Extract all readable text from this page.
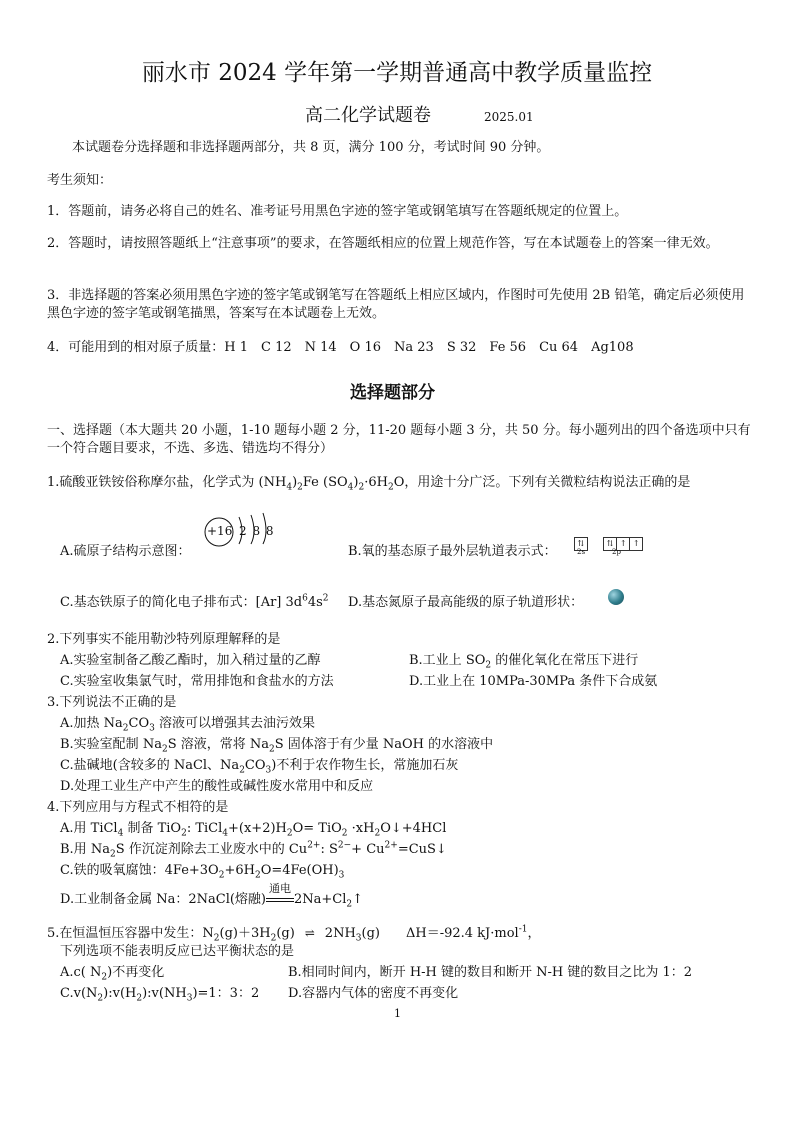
丽水市 2024 学年第一学期普通高中教学质量监控
高二化学试题卷	2025.01
本试题卷分选择题和非选择题两部分，共 8 页，满分 100 分，考试时间 90 分钟。
考生须知：
1．答题前，请务必将自己的姓名、准考证号用黑色字迹的签字笔或钢笔填写在答题纸规定的位置上。
2．答题时，请按照答题纸上“注意事项”的要求，在答题纸相应的位置上规范作答，写在本试题卷上的答案一律无效。
3．非选择题的答案必须用黑色字迹的签字笔或钢笔写在答题纸上相应区域内，作图时可先使用 2B 铅笔，确定后必须使用黑色字迹的签字笔或钢笔描黑，答案写在本试题卷上无效。
4．可能用到的相对原子质量：H 1　C 12　N 14　O 16　Na 23　S 32　Fe 56　Cu 64　Ag108
选择题部分
一、选择题（本大题共 20 小题，1-10 题每小题 2 分，11-20 题每小题 3 分，共 50 分。每小题列出的四个备选项中只有一个符合题目要求，不选、多选、错选均不得分）
1.硫酸亚铁铵俗称摩尔盐，化学式为 $(NH_4)_2Fe$ $(SO_4)_2\cdot 6H_2O$，用途十分广泛。下列有关微粒结构说法正确的是
A.硫原子结构示意图：
+16 2 8 8
B.氧的基态原子最外层轨道表示式：
⇅	⇅ ↑ ↑
2s	2p
C.基态铁原子的简化电子排布式：[Ar] $3d^64s^2$ D.基态氮原子最高能级的原子轨道形状：
2.下列事实不能用勒沙特列原理解释的是
A.实验室制备乙酸乙酯时，加入稍过量的乙醇	B.工业上 $SO_2$ 的催化氧化在常压下进行
C.实验室收集氯气时，常用排饱和食盐水的方法	D.工业上在 10MPa-30MPa 条件下合成氨
3.下列说法不正确的是
A.加热 $Na_2CO_3$ 溶液可以增强其去油污效果
B.实验室配制 $Na_2S$ 溶液，常将 $Na_2S$ 固体溶于有少量 NaOH 的水溶液中
C.盐碱地(含较多的 NaCl、$Na_2CO_3$)不利于农作物生长，常施加石灰
D.处理工业生产中产生的酸性或碱性废水常用中和反应
4.下列应用与方程式不相符的是
A.用 TiCl$_4$ 制备 TiO$_2$: $TiCl_4+(x+2)H_2O= TiO_2$ $\cdot xH_2O↓+4HCl$
B.用 $Na_2S$ 作沉淀剂除去工业废水中的 $Cu^{2+}$: $S^{2-}+$ $Cu^{2+}=CuS↓$
C.铁的吸氧腐蚀：$4Fe+3O_2+6H_2O=4Fe(OH)_3$
D.工业制备金属 Na：2NaCl(熔融)
通电
$2Na+Cl_2↑$
5.在恒温恒压容器中发生：$N_2(g)+3H_2(g)$ ⇌ $2NH_3(g)$　　ΔH＝-92.4 kJ·mol$^{-1}$，
下列选项不能表明反应已达平衡状态的是
A.c( $N_2$)不再变化	B.相同时间内，断开 H-H 键的数目和断开 N-H 键的数目之比为 1：2
$C.v(N_2):v(H_2):v(NH_3)=1$：3：2 D.容器内气体的密度不再变化
1
